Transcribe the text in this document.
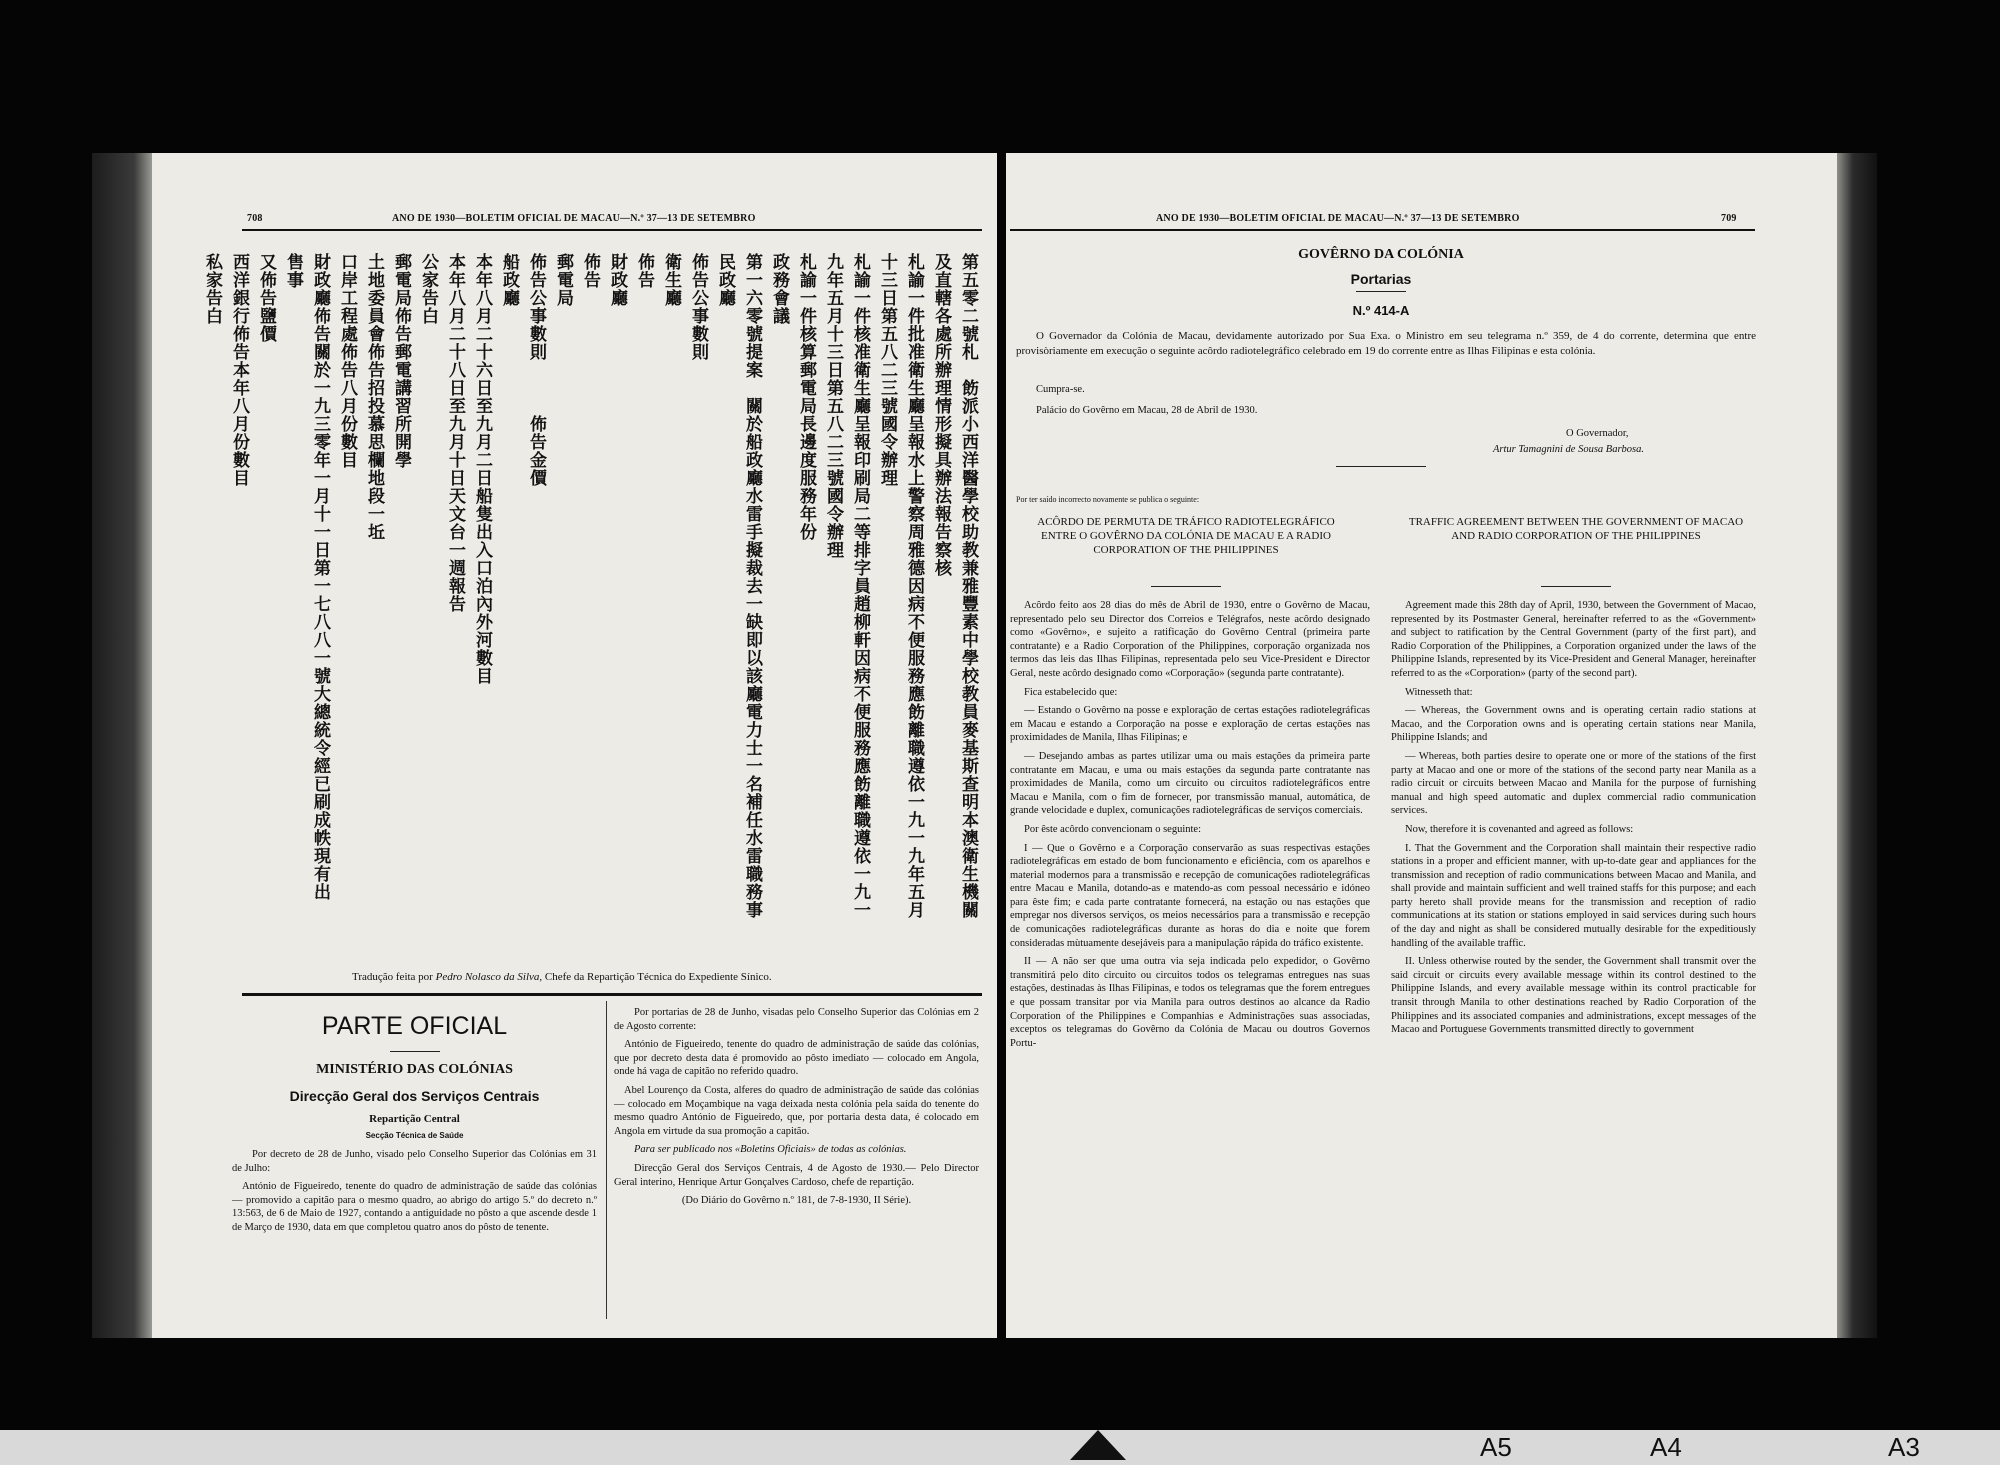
708	ANO DE 1930—BOLETIM OFICIAL DE MACAU—N.º 37—13 DE SETEMBRO
第五零二號札　飭派小西洋醫學校助教兼雅豐素中學校教員麥基斯查明本澳衛生機關
及直轄各處所辦理情形擬具辦法報告察核
札諭一件批准衛生廳呈報水上警察周雅德因病不便服務應飭離職遵依一九一九年五月
十三日第五八二三號國令辦理
札諭一件核准衛生廳呈報印刷局二等排字員趙柳軒因病不便服務應飭離職遵依一九一
九年五月十三日第五八二三號國令辦理
札諭一件核算郵電局長邊度服務年份
政務會議
第一六零號提案　關於船政廳水雷手擬裁去一缺即以該廳電力士一名補任水雷職務事
民政廳
佈告公事數則
衛生廳
佈告
財政廳
佈告
郵電局
佈告公事數則　　　佈告金價
船政廳
本年八月二十六日至九月二日船隻出入口泊內外河數目
本年八月二十八日至九月十日天文台一週報告
公家告白
郵電局佈告郵電講習所開學
土地委員會佈告招投慕思欄地段一坵
口岸工程處佈告八月份數目
財政廳佈告關於一九三零年一月十一日第一七八八一號大總統令經已刷成帙現有出
售事
又佈告鹽價
西洋銀行佈告本年八月份數目
私家告白
Tradução feita por Pedro Nolasco da Silva, Chefe da Repartição Técnica do Expediente Sínico.
PARTE OFICIAL
MINISTÉRIO DAS COLÓNIAS
Direcção Geral dos Serviços Centrais
Repartição Central
Secção Técnica de Saúde

Por decreto de 28 de Junho, visado pelo Conselho Superior das Colónias em 31 de Julho:

António de Figueiredo, tenente do quadro de administração de saúde das colónias — promovido a capitão para o mesmo quadro, ao abrigo do artigo 5.º do decreto n.º 13:563, de 6 de Maio de 1927, contando a antiguidade no pôsto a que ascende desde 1 de Março de 1930, data em que completou quatro anos do pôsto de tenente.

Por portarias de 28 de Junho, visadas pelo Conselho Superior das Colónias em 2 de Agosto corrente:

António de Figueiredo, tenente do quadro de administração de saúde das colónias, que por decreto desta data é promovido ao pôsto imediato — colocado em Angola, onde há vaga de capitão no referido quadro.

Abel Lourenço da Costa, alferes do quadro de administração de saúde das colónias — colocado em Moçambique na vaga deixada nesta colónia pela saída do tenente do mesmo quadro António de Figueiredo, que, por portaria desta data, é colocado em Angola em virtude da sua promoção a capitão.

Para ser publicado nos «Boletins Oficiais» de todas as colónias.

Direcção Geral dos Serviços Centrais, 4 de Agosto de 1930.— Pelo Director Geral interino, Henrique Artur Gonçalves Cardoso, chefe de repartição.

(Do Diário do Govêrno n.º 181, de 7-8-1930, II Série).

ANO DE 1930—BOLETIM OFICIAL DE MACAU—N.º 37—13 DE SETEMBRO	709
GOVÊRNO DA COLÓNIA
Portarias
N.º 414-A

O Governador da Colónia de Macau, devidamente autorizado por Sua Exa. o Ministro em seu telegrama n.º 359, de 4 do corrente, determina que entre provisòriamente em execução o seguinte acôrdo radiotelegráfico celebrado em 19 do corrente entre as Ilhas Filipinas e esta colónia.

Cumpra-se.
Palácio do Govêrno em Macau, 28 de Abril de 1930.
O Governador,
Artur Tamagnini de Sousa Barbosa.
Por ter saído incorrecto novamente se publica o seguinte:
ACÔRDO DE PERMUTA DE TRÁFICO RADIOTELEGRÁFICO ENTRE O GOVÊRNO DA COLÓNIA DE MACAU E A RADIO CORPORATION OF THE PHILIPPINES
TRAFFIC AGREEMENT BETWEEN THE GOVERNMENT OF MACAO AND RADIO CORPORATION OF THE PHILIPPINES

Acôrdo feito aos 28 dias do mês de Abril de 1930, entre o Govêrno de Macau, representado pelo seu Director dos Correios e Telégrafos, neste acôrdo designado como «Govêrno», e sujeito a ratificação do Govêrno Central (primeira parte contratante) e a Radio Corporation of the Philippines, corporação organizada nos termos das leis das Ilhas Filipinas, representada pelo seu Vice-President e Director Geral, neste acôrdo designado como «Corporação» (segunda parte contratante).

Fica estabelecido que:

— Estando o Govêrno na posse e exploração de certas estações radiotelegráficas em Macau e estando a Corporação na posse e exploração de certas estações nas proximidades de Manila, Ilhas Filipinas; e

— Desejando ambas as partes utilizar uma ou mais estações da primeira parte contratante em Macau, e uma ou mais estações da segunda parte contratante nas proximidades de Manila, como um circuito ou circuitos radiotelegráficos entre Macau e Manila, com o fim de fornecer, por transmissão manual, automática, de grande velocidade e duplex, comunicações radiotelegráficas de serviços comerciais.

Por êste acôrdo convencionam o seguinte:

I — Que o Govêrno e a Corporação conservarão as suas respectivas estações radiotelegráficas em estado de bom funcionamento e eficiência, com os aparelhos e material modernos para a transmissão e recepção de comunicações radiotelegráficas entre Macau e Manila, dotando-as e matendo-as com pessoal necessário e idóneo para êste fim; e cada parte contratante fornecerá, na estação ou nas estações que empregar nos diversos serviços, os meios necessários para a transmissão e recepção de comunicações radiotelegráficas durante as horas do dia e noite que forem consideradas mùtuamente desejáveis para a manipulação rápida do tráfico existente.

II — A não ser que uma outra via seja indicada pelo expedidor, o Govêrno transmitirá pelo dito circuito ou circuitos todos os telegramas entregues nas suas estações, destinadas às Ilhas Filipinas, e todos os telegramas que the forem entregues e que possam transitar por via Manila para outros destinos ao alcance da Radio Corporation of the Philippines e Companhias e Administrações suas associadas, exceptos os telegramas do Govêrno da Colónia de Macau ou doutros Governos Portu-

Agreement made this 28th day of April, 1930, between the Government of Macao, represented by its Postmaster General, hereinafter referred to as the «Government» and subject to ratification by the Central Government (party of the first part), and Radio Corporation of the Philippines, a Corporation organized under the laws of the Philippine Islands, represented by its Vice-President and General Manager, hereinafter referred to as the «Corporation» (party of the second part).

Witnesseth that:

— Whereas, the Government owns and is operating certain radio stations at Macao, and the Corporation owns and is operating certain stations near Manila, Philippine Islands; and

— Whereas, both parties desire to operate one or more of the stations of the first party at Macao and one or more of the stations of the second party near Manila as a radio circuit or circuits between Macao and Manila for the purpose of furnishing manual and high speed automatic and duplex commercial radio communication services.

Now, therefore it is covenanted and agreed as follows:

I. That the Government and the Corporation shall maintain their respective radio stations in a proper and efficient manner, with up-to-date gear and appliances for the transmission and reception of radio communications between Macao and Manila, and shall provide and maintain sufficient and well trained staffs for this purpose; and each party hereto shall provide means for the transmission and reception of radio communications at its station or stations employed in said services during such hours of the day and night as shall be considered mutually desirable for the expeditiously handling of the available traffic.

II. Unless otherwise routed by the sender, the Government shall transmit over the said circuit or circuits every available message within its control destined to the Philippine Islands, and every available message within its control practicable for transit through Manila to other destinations reached by Radio Corporation of the Philippines and its associated companies and administrations, except messages of the Macao and Portuguese Governments transmitted directly to government

A5	A4	A3
